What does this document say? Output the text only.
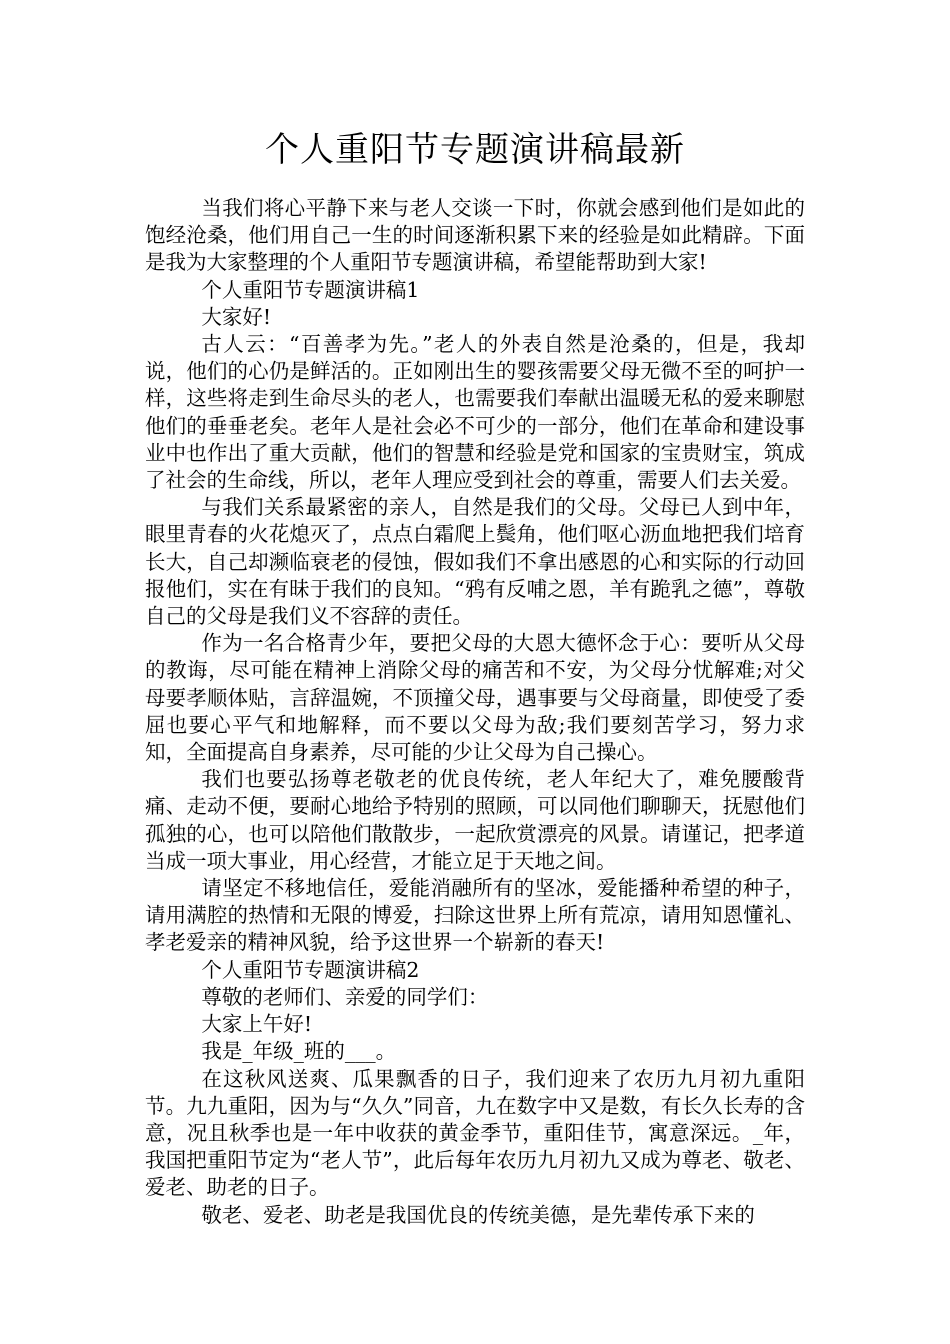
个人重阳节专题演讲稿最新

当我们将心平静下来与老人交谈一下时，你就会感到他们是如此的饱经沧桑，他们用自己一生的时间逐渐积累下来的经验是如此精辟。下面是我为大家整理的个人重阳节专题演讲稿，希望能帮助到大家!

个人重阳节专题演讲稿1

大家好!

古人云：“百善孝为先。”老人的外表自然是沧桑的，但是，我却说，他们的心仍是鲜活的。正如刚出生的婴孩需要父母无微不至的呵护一样，这些将走到生命尽头的老人，也需要我们奉献出温暖无私的爱来聊慰他们的垂垂老矣。老年人是社会必不可少的一部分，他们在革命和建设事业中也作出了重大贡献，他们的智慧和经验是党和国家的宝贵财宝，筑成了社会的生命线，所以，老年人理应受到社会的尊重，需要人们去关爱。

与我们关系最紧密的亲人，自然是我们的父母。父母已人到中年，眼里青春的火花熄灭了，点点白霜爬上鬓角，他们呕心沥血地把我们培育长大，自己却濒临衰老的侵蚀，假如我们不拿出感恩的心和实际的行动回报他们，实在有昧于我们的良知。“鸦有反哺之恩，羊有跪乳之德”，尊敬自己的父母是我们义不容辞的责任。

作为一名合格青少年，要把父母的大恩大德怀念于心：要听从父母的教诲，尽可能在精神上消除父母的痛苦和不安，为父母分忧解难;对父母要孝顺体贴，言辞温婉，不顶撞父母，遇事要与父母商量，即使受了委屈也要心平气和地解释，而不要以父母为敌;我们要刻苦学习，努力求知，全面提高自身素养，尽可能的少让父母为自己操心。

我们也要弘扬尊老敬老的优良传统，老人年纪大了，难免腰酸背痛、走动不便，要耐心地给予特别的照顾，可以同他们聊聊天，抚慰他们孤独的心，也可以陪他们散散步，一起欣赏漂亮的风景。请谨记，把孝道当成一项大事业，用心经营，才能立足于天地之间。

请坚定不移地信任，爱能消融所有的坚冰，爱能播种希望的种子，请用满腔的热情和无限的博爱，扫除这世界上所有荒凉，请用知恩懂礼、孝老爱亲的精神风貌，给予这世界一个崭新的春天!

个人重阳节专题演讲稿2

尊敬的老师们、亲爱的同学们：

大家上午好!

我是_年级_班的___。

在这秋风送爽、瓜果飘香的日子，我们迎来了农历九月初九重阳节。九九重阳，因为与“久久”同音，九在数字中又是数，有长久长寿的含意，况且秋季也是一年中收获的黄金季节，重阳佳节，寓意深远。_年，我国把重阳节定为“老人节”，此后每年农历九月初九又成为尊老、敬老、爱老、助老的日子。

敬老、爱老、助老是我国优良的传统美德，是先辈传承下来的
